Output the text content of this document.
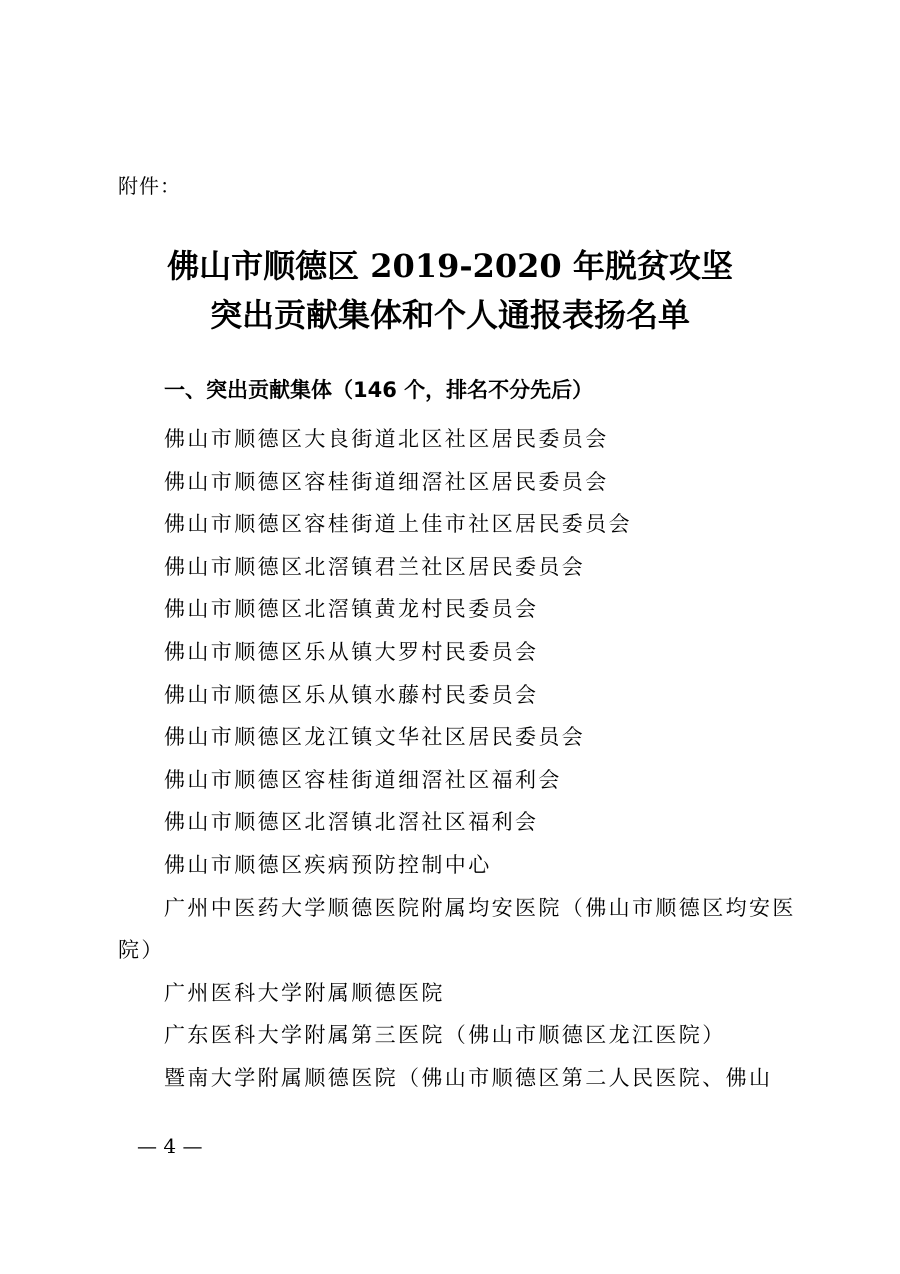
附件：
佛山市顺德区 2019-2020 年脱贫攻坚
突出贡献集体和个人通报表扬名单
一、突出贡献集体（146 个，排名不分先后）
佛山市顺德区大良街道北区社区居民委员会
佛山市顺德区容桂街道细滘社区居民委员会
佛山市顺德区容桂街道上佳市社区居民委员会
佛山市顺德区北滘镇君兰社区居民委员会
佛山市顺德区北滘镇黄龙村民委员会
佛山市顺德区乐从镇大罗村民委员会
佛山市顺德区乐从镇水藤村民委员会
佛山市顺德区龙江镇文华社区居民委员会
佛山市顺德区容桂街道细滘社区福利会
佛山市顺德区北滘镇北滘社区福利会
佛山市顺德区疾病预防控制中心
广州中医药大学顺德医院附属均安医院（佛山市顺德区均安医院）
广州医科大学附属顺德医院
广东医科大学附属第三医院（佛山市顺德区龙江医院）
暨南大学附属顺德医院（佛山市顺德区第二人民医院、佛山
— 4 —
